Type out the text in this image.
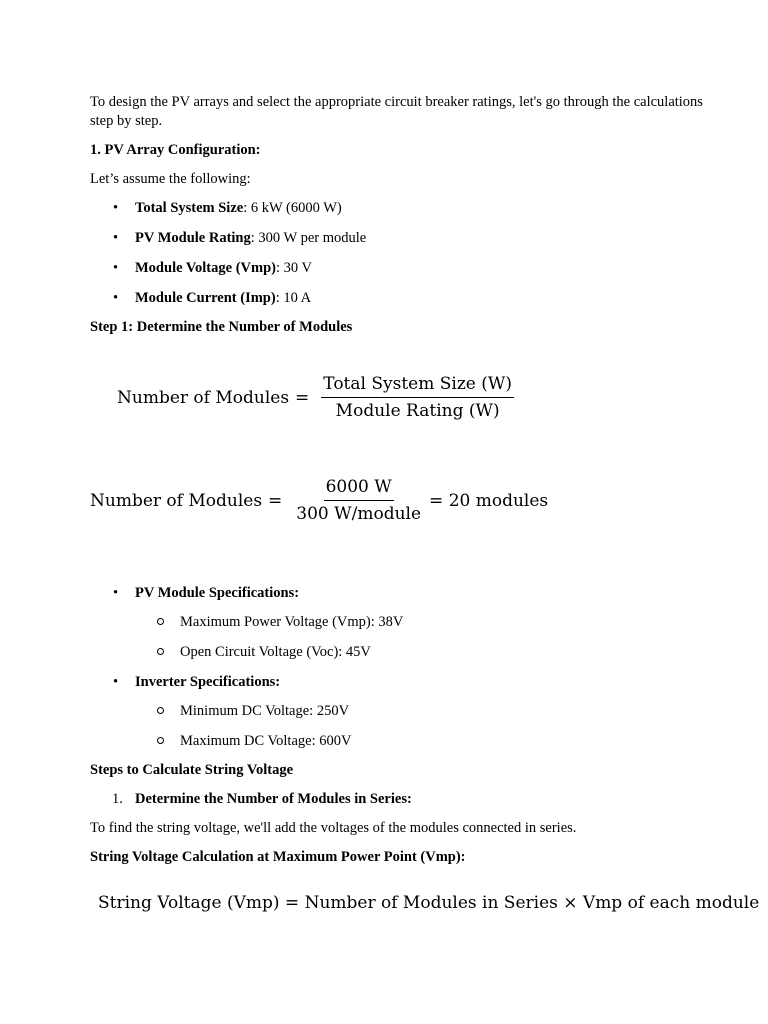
To design the PV arrays and select the appropriate circuit breaker ratings, let's go through the calculations step by step.

1. PV Array Configuration:

Let’s assume the following:

• Total System Size: 6 kW (6000 W)
• PV Module Rating: 300 W per module
• Module Voltage (Vmp): 30 V
• Module Current (Imp): 10 A

Step 1: Determine the Number of Modules

Number of Modules = $\frac{\text{Total System Size (W)}}{\text{Module Rating (W)}}$
Number of Modules = $\frac{6000 W}{\text{300 W/module}} = 20$ modules
• PV Module Specifications:
Maximum Power Voltage (Vmp): 38V
Open Circuit Voltage (Voc): 45V
• Inverter Specifications:
Minimum DC Voltage: 250V
Maximum DC Voltage: 600V

Steps to Calculate String Voltage

1. Determine the Number of Modules in Series:

To find the string voltage, we'll add the voltages of the modules connected in series.

String Voltage Calculation at Maximum Power Point (Vmp):

String Voltage (Vmp) = Number of Modules in Series × Vmp of each module
